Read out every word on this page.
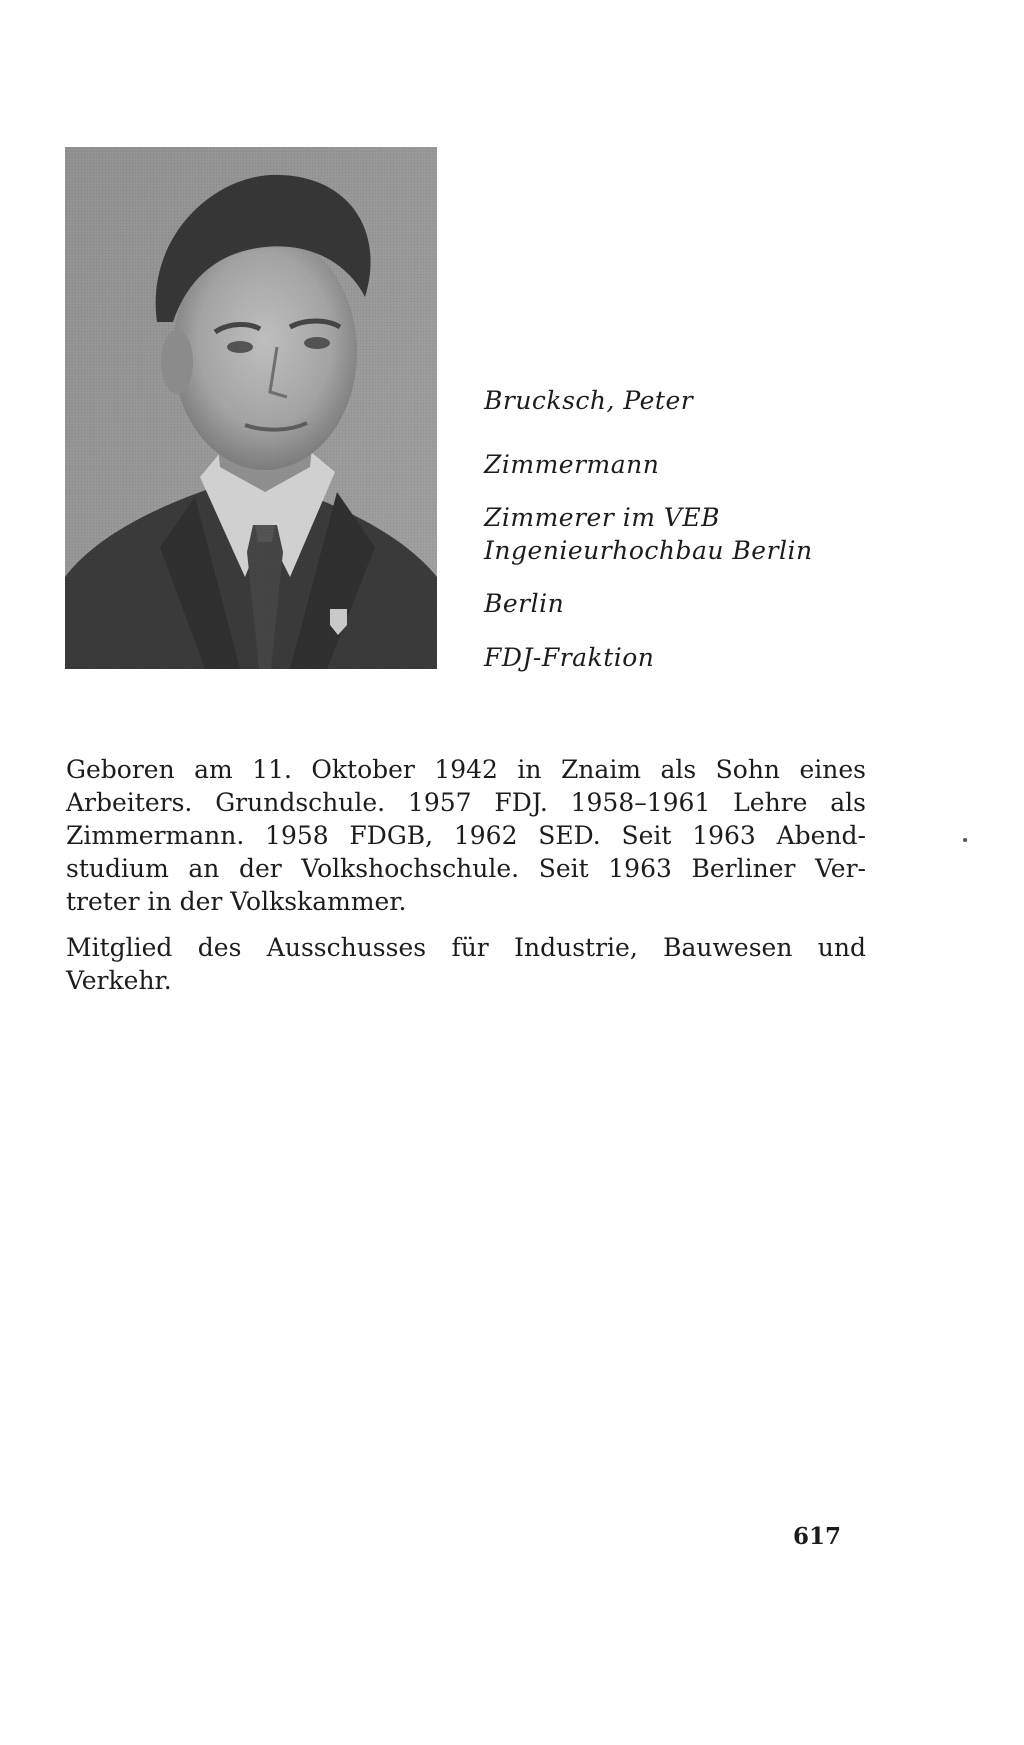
Brucksch, Peter
Zimmermann
Zimmerer im VEB
Ingenieurhochbau Berlin
Berlin
FDJ-Fraktion

Geboren am 11. Oktober 1942 in Znaim als Sohn eines
Arbeiters. Grundschule. 1957 FDJ. 1958–1961 Lehre als
Zimmermann. 1958 FDGB, 1962 SED. Seit 1963 Abend-
studium an der Volkshochschule. Seit 1963 Berliner Ver-
treter in der Volkskammer.

Mitglied des Ausschusses für Industrie, Bauwesen und
Verkehr.

617
